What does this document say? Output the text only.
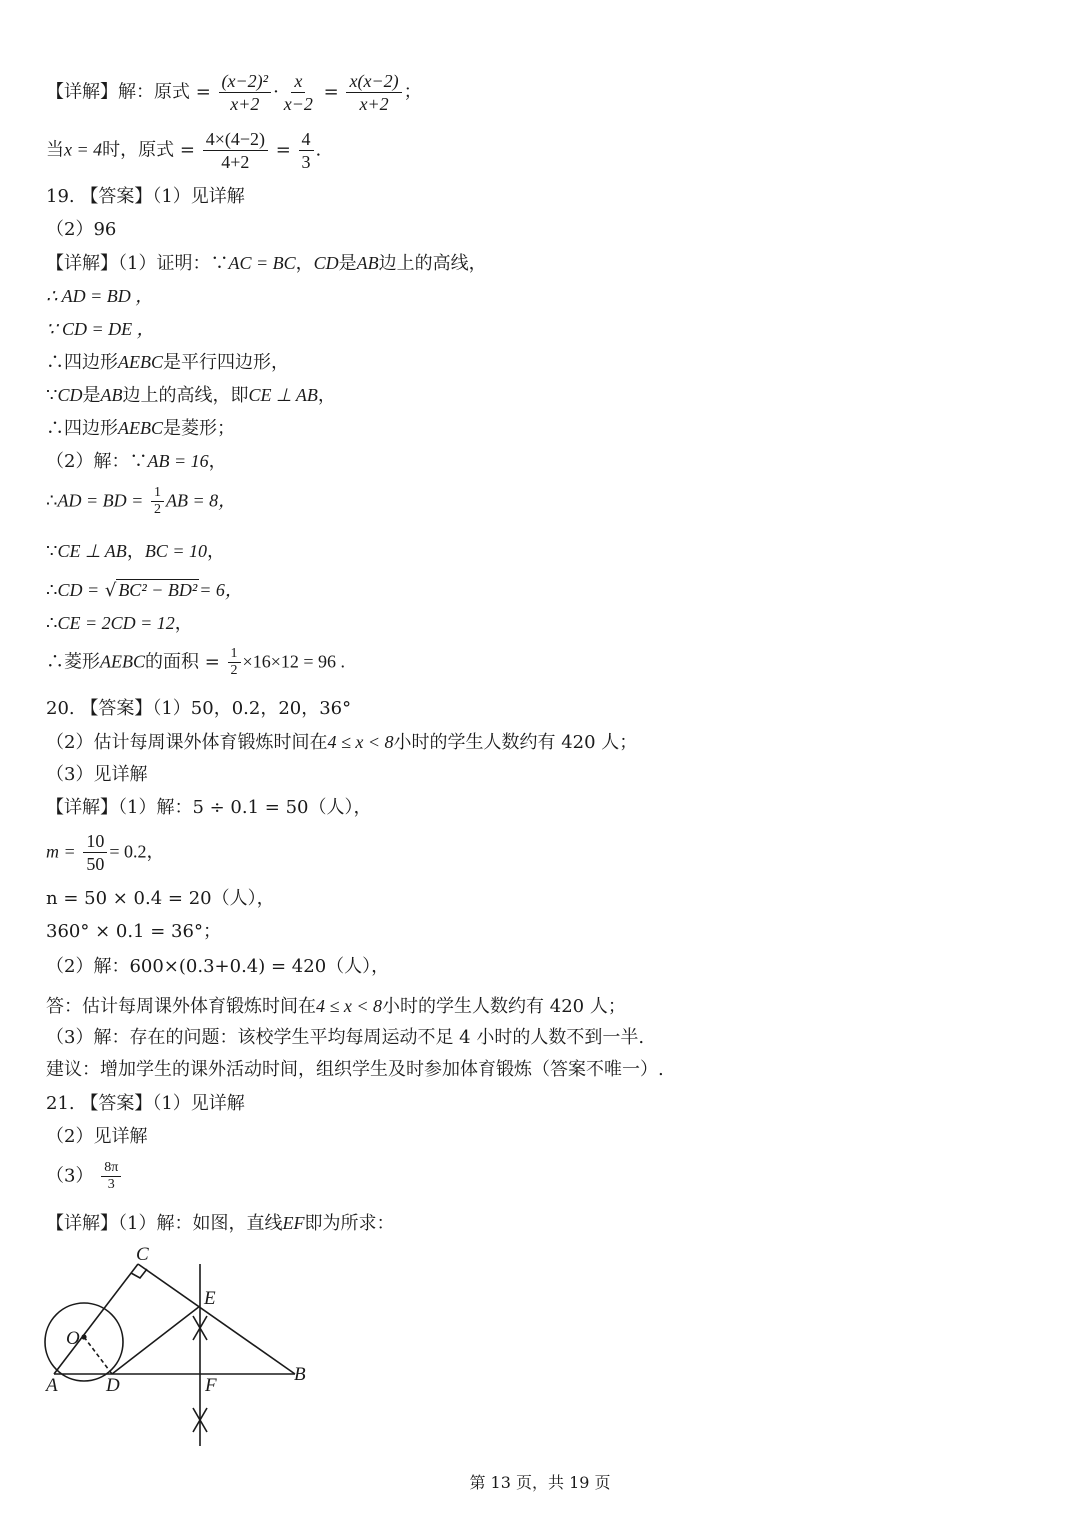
【详解】解：原式 = $\frac{\text{(x−2)²}}{x+2} \cdot \frac{x}{x-2} = \frac{x(x-2)}{x+2}$ ；
当x = 4时，原式 = $\frac{4\times(4-2)}{4+2} = \frac{4}{3}$ .
19. 【答案】（1）见详解
（2）96
【详解】（1）证明：∵AC = BC，CD是AB边上的高线，
∴ AD = BD ，
∵ CD = DE ，
∴四边形AEBC是平行四边形，
∵CD是AB边上的高线，即CE ⊥ AB，
∴四边形AEBC是菱形；
（2）解：∵AB = 16，
∴AD = BD = $\frac{1}{2}$ AB = 8，
∵CE ⊥ AB，BC = 10，
∴CD = √ BC² − BD² = 6，
∴CE = 2CD = 12，
∴菱形AEBC的面积 = $\frac{1}{2} \times 16\times 12 = 96$ .
20. 【答案】（1）50，0.2，20，36°
（2）估计每周课外体育锻炼时间在4 ≤ x < 8小时的学生人数约有 420 人；
（3）见详解
【详解】（1）解：5 ÷ 0.1 = 50（人），
$m = \frac{10}{50} = 0.2$，
n = 50 × 0.4 = 20（人），
360° × 0.1 = 36°；
（2）解：600×(0.3+0.4) = 420（人），
答：估计每周课外体育锻炼时间在4 ≤ x < 8小时的学生人数约有 420 人；
（3）解：存在的问题：该校学生平均每周运动不足 4 小时的人数不到一半.
建议：增加学生的课外活动时间，组织学生及时参加体育锻炼（答案不唯一）.
21. 【答案】（1）见详解
（2）见详解
$(3) \frac{8\pi}{3}$
【详解】（1）解：如图，直线EF即为所求：
C
E
O
A	D	F
B
第 13 页，共 19 页
